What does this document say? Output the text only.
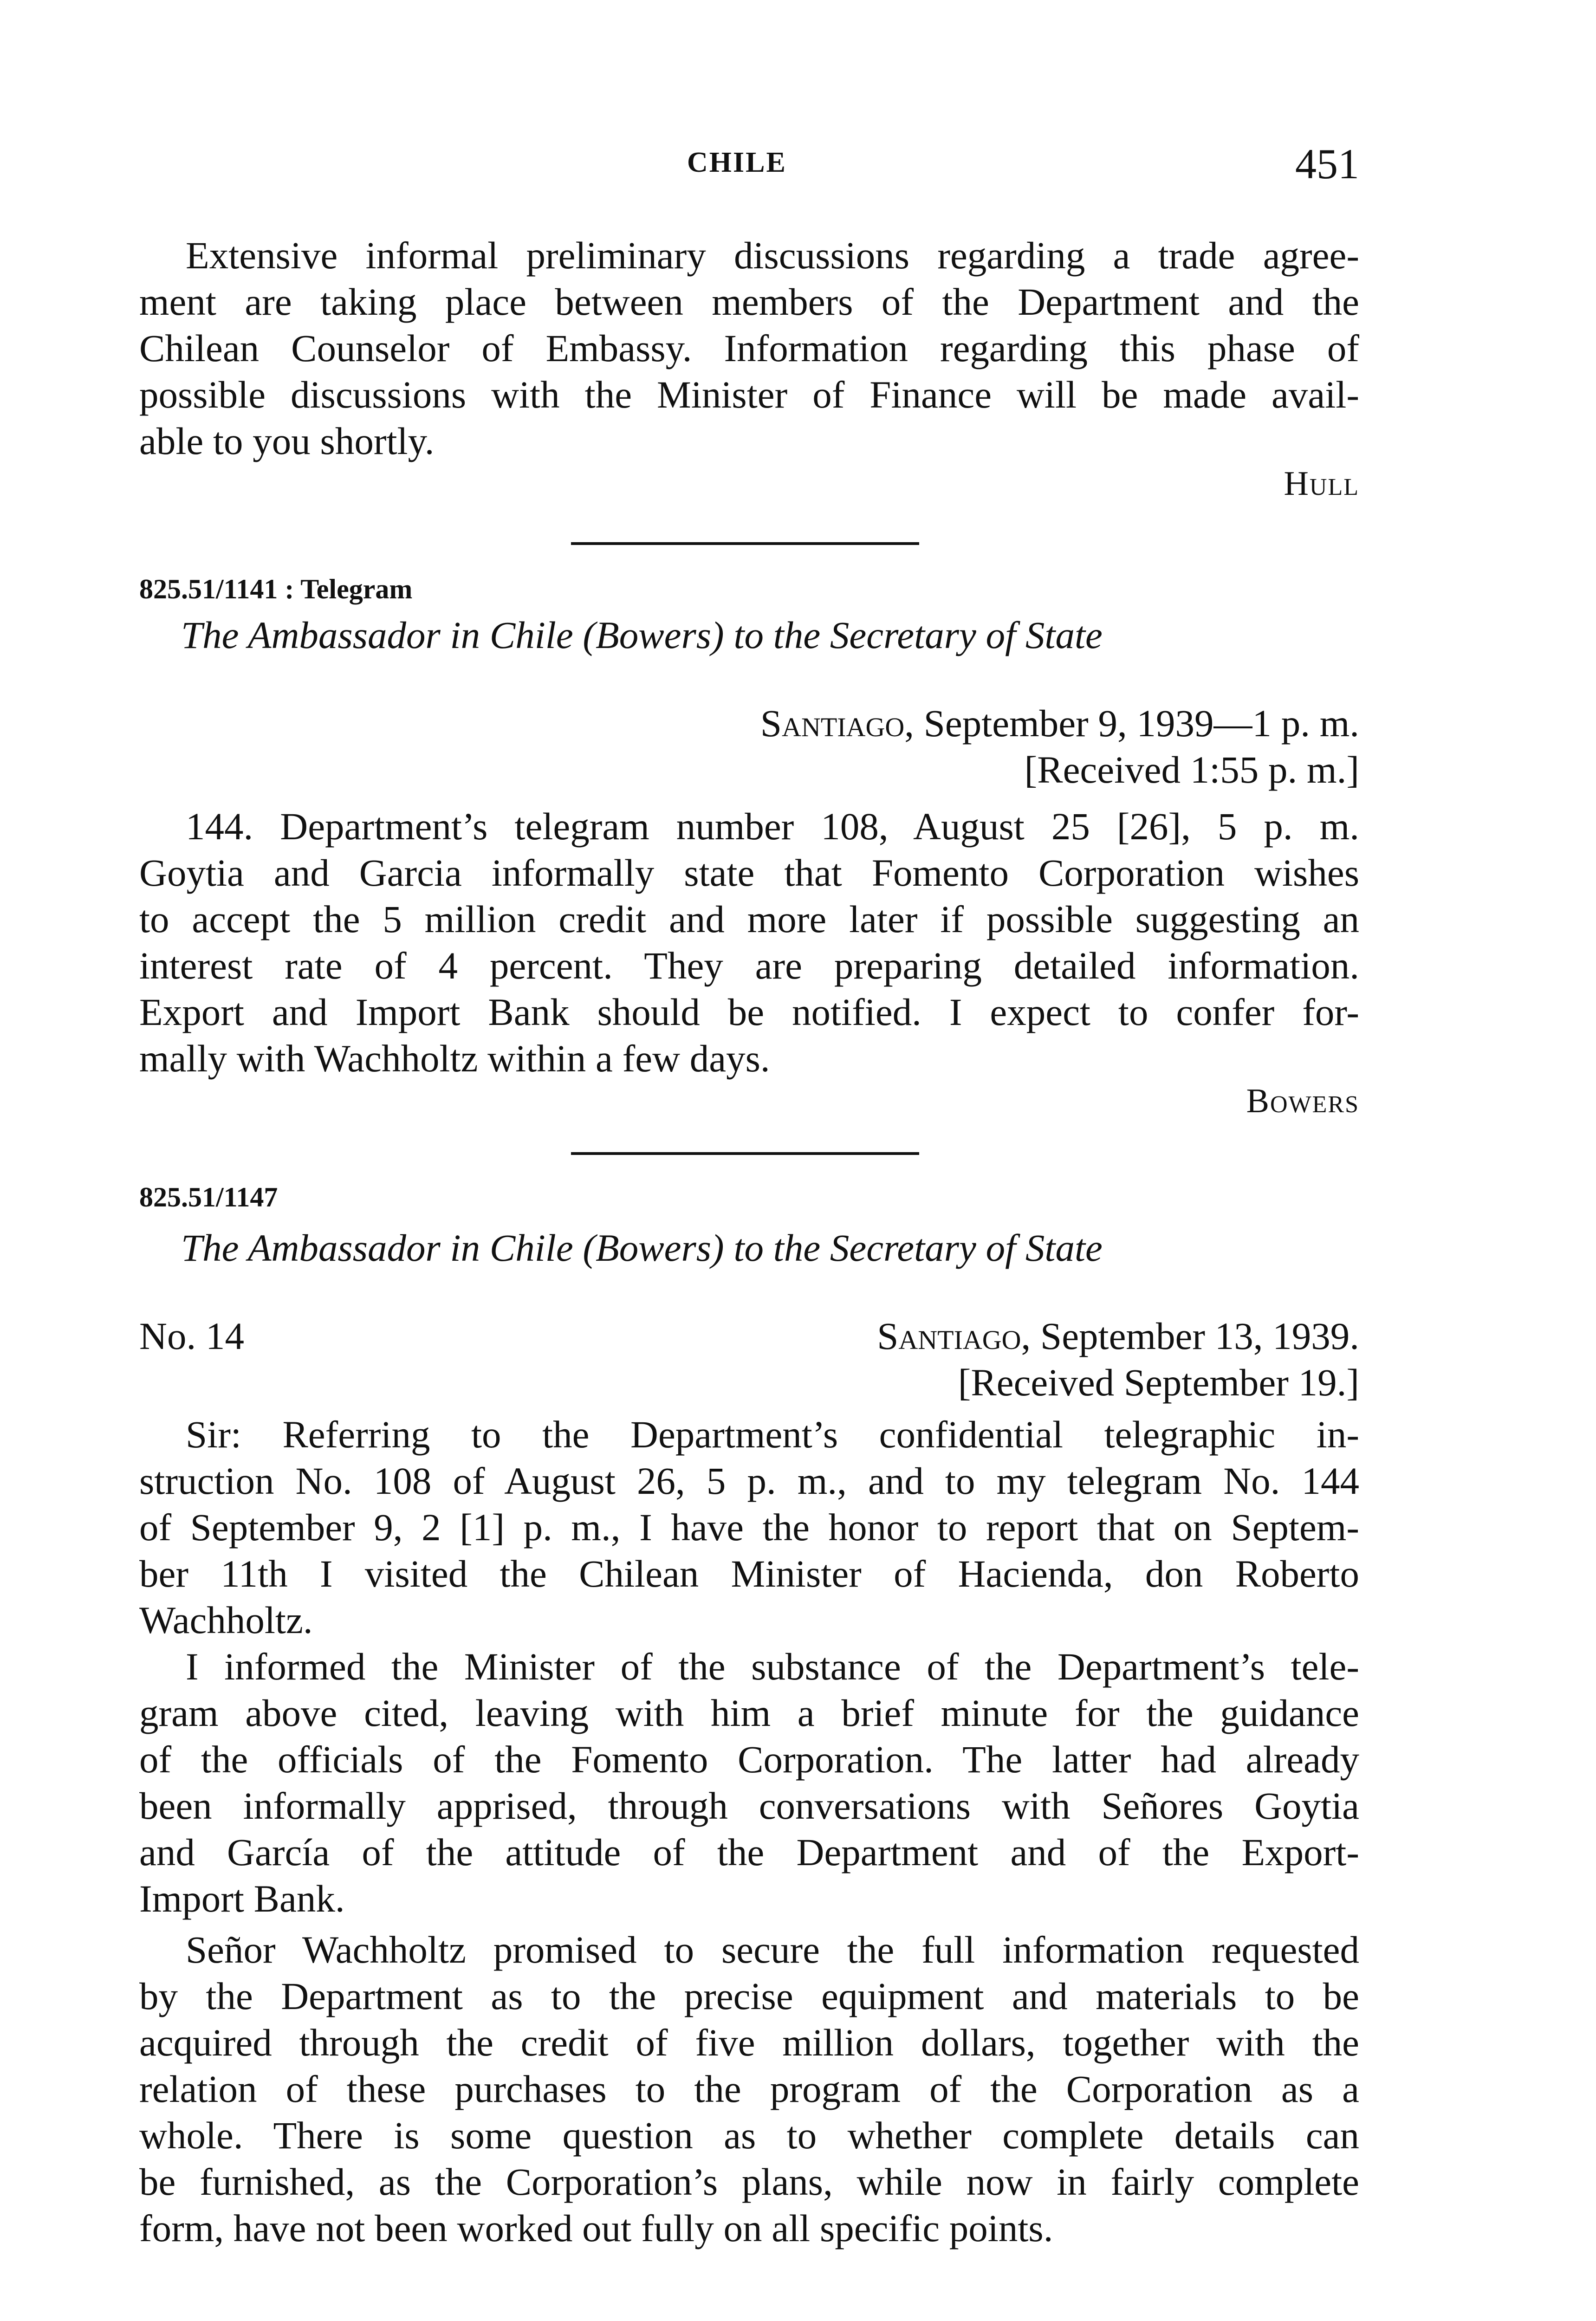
CHILE	451
Extensive informal preliminary discussions regarding a trade agree-
ment are taking place between members of the Department and the
Chilean Counselor of Embassy. Information regarding this phase of
possible discussions with the Minister of Finance will be made avail-
able to you shortly.
Hull
825.51/1141 : Telegram
The Ambassador in Chile (Bowers) to the Secretary of State
Santiago, September 9, 1939—1 p. m.
[Received 1:55 p. m.]
144. Department’s telegram number 108, August 25 [26], 5 p. m.
Goytia and Garcia informally state that Fomento Corporation wishes
to accept the 5 million credit and more later if possible suggesting an
interest rate of 4 percent. They are preparing detailed information.
Export and Import Bank should be notified. I expect to confer for-
mally with Wachholtz within a few days.
Bowers
825.51/1147
The Ambassador in Chile (Bowers) to the Secretary of State
No. 14	Santiago, September 13, 1939.
[Received September 19.]
Sir: Referring to the Department’s confidential telegraphic in-
struction No. 108 of August 26, 5 p. m., and to my telegram No. 144
of September 9, 2 [1] p. m., I have the honor to report that on Septem-
ber 11th I visited the Chilean Minister of Hacienda, don Roberto
Wachholtz.
I informed the Minister of the substance of the Department’s tele-
gram above cited, leaving with him a brief minute for the guidance
of the officials of the Fomento Corporation. The latter had already
been informally apprised, through conversations with Señores Goytia
and García of the attitude of the Department and of the Export-
Import Bank.
Señor Wachholtz promised to secure the full information requested
by the Department as to the precise equipment and materials to be
acquired through the credit of five million dollars, together with the
relation of these purchases to the program of the Corporation as a
whole. There is some question as to whether complete details can
be furnished, as the Corporation’s plans, while now in fairly complete
form, have not been worked out fully on all specific points.
